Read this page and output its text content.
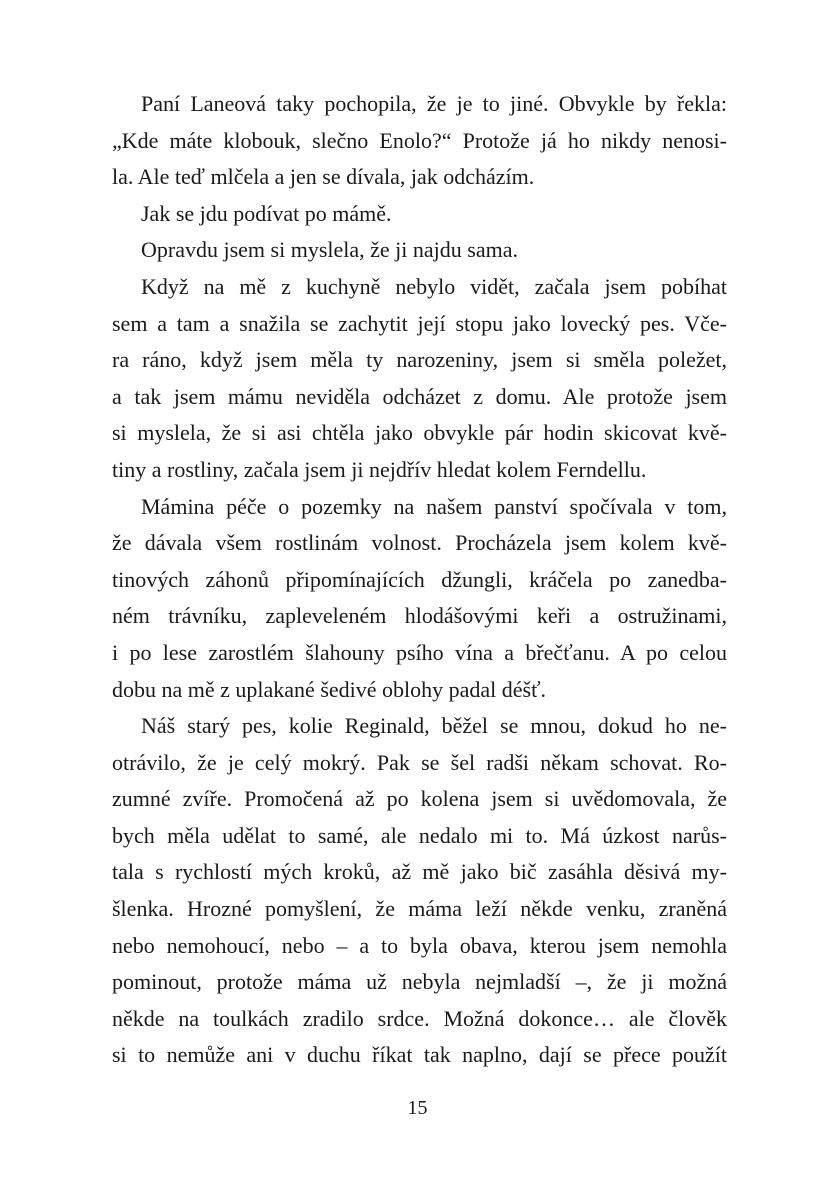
Paní Laneová taky pochopila, že je to jiné. Obvykle by řekla:
„Kde máte klobouk, slečno Enolo?“ Protože já ho nikdy nenosi-
la. Ale teď mlčela a jen se dívala, jak odcházím.
Jak se jdu podívat po mámě.
Opravdu jsem si myslela, že ji najdu sama.
Když na mě z kuchyně nebylo vidět, začala jsem pobíhat
sem a tam a snažila se zachytit její stopu jako lovecký pes. Vče-
ra ráno, když jsem měla ty narozeniny, jsem si směla poležet,
a tak jsem mámu neviděla odcházet z domu. Ale protože jsem
si myslela, že si asi chtěla jako obvykle pár hodin skicovat kvě-
tiny a rostliny, začala jsem ji nejdřív hledat kolem Ferndellu.
Mámina péče o pozemky na našem panství spočívala v tom,
že dávala všem rostlinám volnost. Procházela jsem kolem kvě-
tinových záhonů připomínajících džungli, kráčela po zanedba-
ném trávníku, zapleveleném hlodášovými keři a ostružinami,
i po lese zarostlém šlahouny psího vína a břečťanu. A po celou
dobu na mě z uplakané šedivé oblohy padal déšť.
Náš starý pes, kolie Reginald, běžel se mnou, dokud ho ne-
otrávilo, že je celý mokrý. Pak se šel radši někam schovat. Ro-
zumné zvíře. Promočená až po kolena jsem si uvědomovala, že
bych měla udělat to samé, ale nedalo mi to. Má úzkost narůs-
tala s rychlostí mých kroků, až mě jako bič zasáhla děsivá my-
šlenka. Hrozné pomyšlení, že máma leží někde venku, zraněná
nebo nemohoucí, nebo – a to byla obava, kterou jsem nemohla
pominout, protože máma už nebyla nejmladší –, že ji možná
někde na toulkách zradilo srdce. Možná dokonce… ale člověk
si to nemůže ani v duchu říkat tak naplno, dají se přece použít
15
